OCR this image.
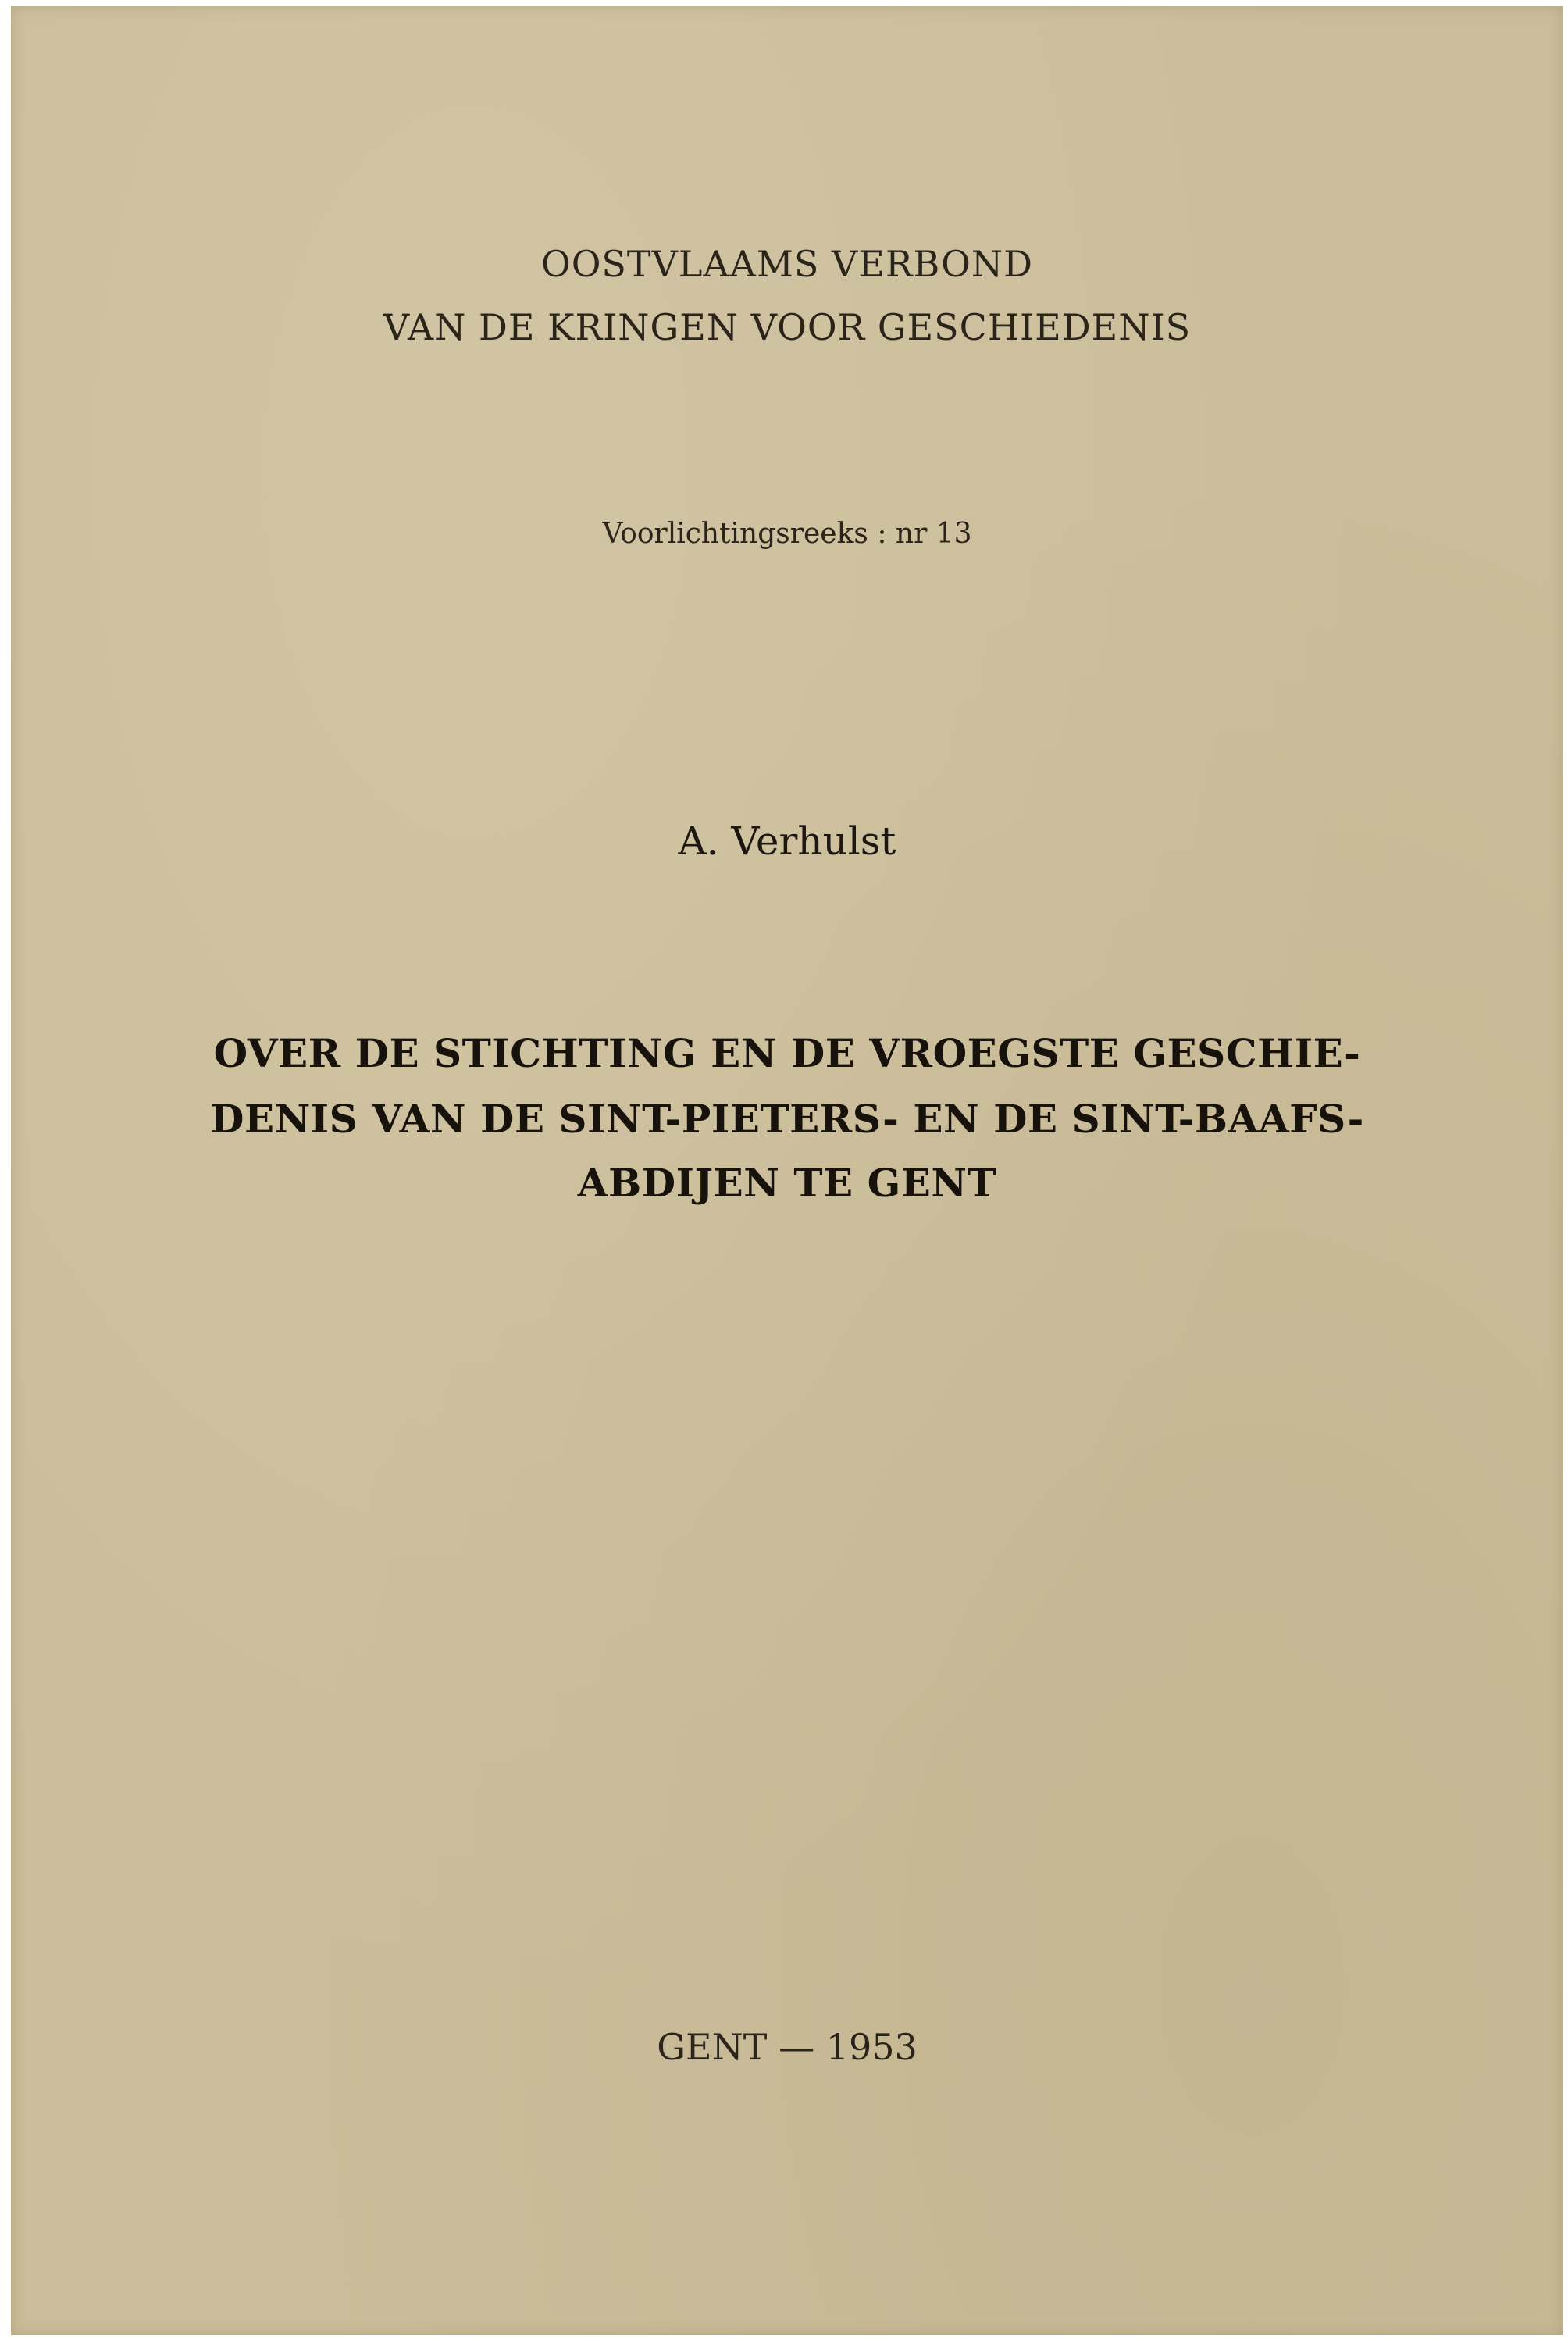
OOSTVLAAMS VERBOND
VAN DE KRINGEN VOOR GESCHIEDENIS
Voorlichtingsreeks : nr 13
A. Verhulst
OVER DE STICHTING EN DE VROEGSTE GESCHIE-
DENIS VAN DE SINT-PIETERS- EN DE SINT-BAAFS-
ABDIJEN TE GENT
GENT — 1953
